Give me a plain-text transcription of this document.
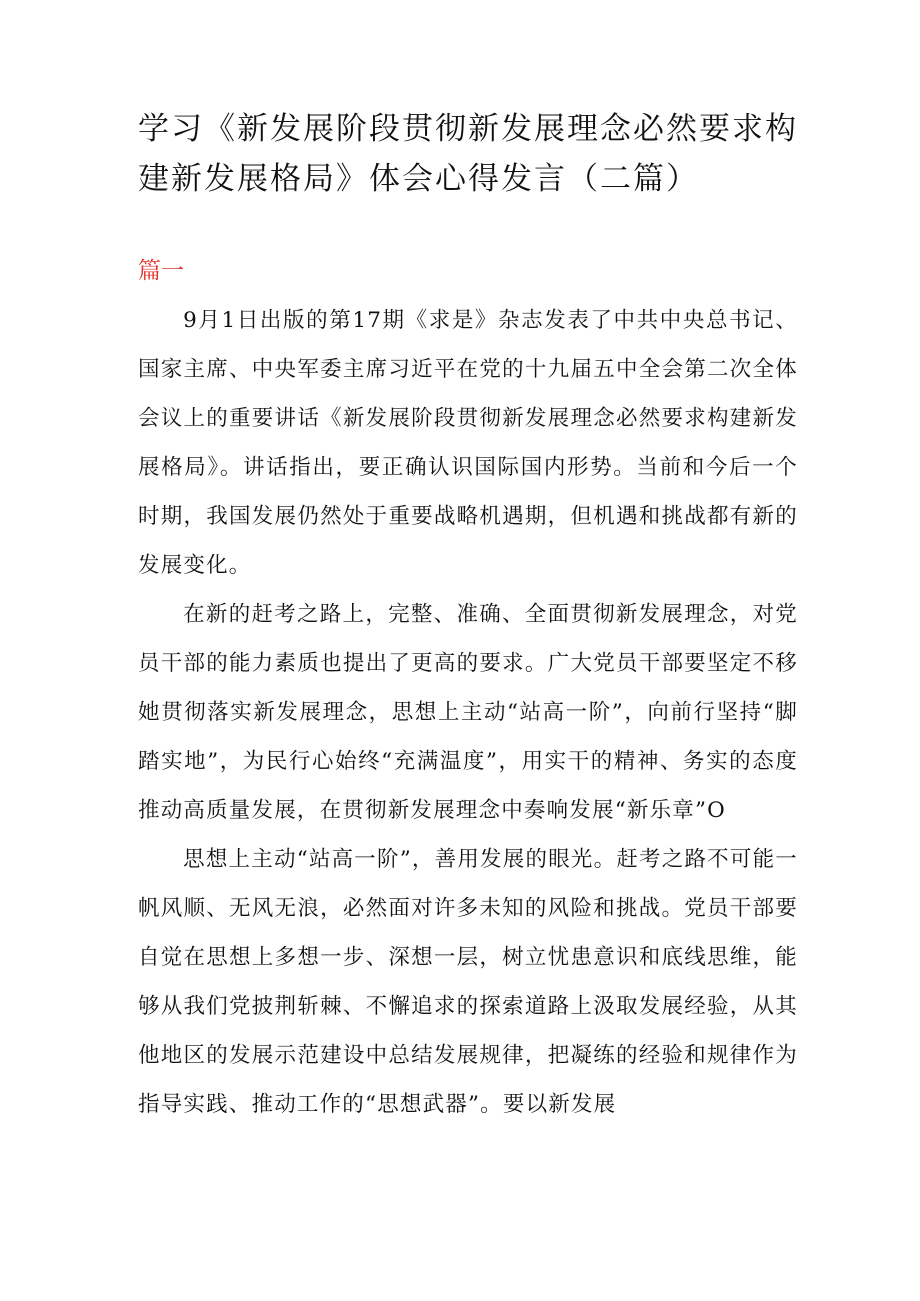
学习《新发展阶段贯彻新发展理念必然要求构建新发展格局》体会心得发言（二篇）

篇一

9月1日出版的第17期《求是》杂志发表了中共中央总书记、国家主席、中央军委主席习近平在党的十九届五中全会第二次全体会议上的重要讲话《新发展阶段贯彻新发展理念必然要求构建新发展格局》。讲话指出，要正确认识国际国内形势。当前和今后一个时期，我国发展仍然处于重要战略机遇期，但机遇和挑战都有新的发展变化。

在新的赶考之路上，完整、准确、全面贯彻新发展理念，对党员干部的能力素质也提出了更高的要求。广大党员干部要坚定不移她贯彻落实新发展理念，思想上主动“站高一阶”，向前行坚持“脚踏实地”，为民行心始终“充满温度”，用实干的精神、务实的态度推动高质量发展，在贯彻新发展理念中奏响发展“新乐章”O

思想上主动“站高一阶”，善用发展的眼光。赶考之路不可能一帆风顺、无风无浪，必然面对许多未知的风险和挑战。党员干部要自觉在思想上多想一步、深想一层，树立忧患意识和底线思维，能够从我们党披荆斩棘、不懈追求的探索道路上汲取发展经验，从其他地区的发展示范建设中总结发展规律，把凝练的经验和规律作为指导实践、推动工作的“思想武器”。要以新发展
